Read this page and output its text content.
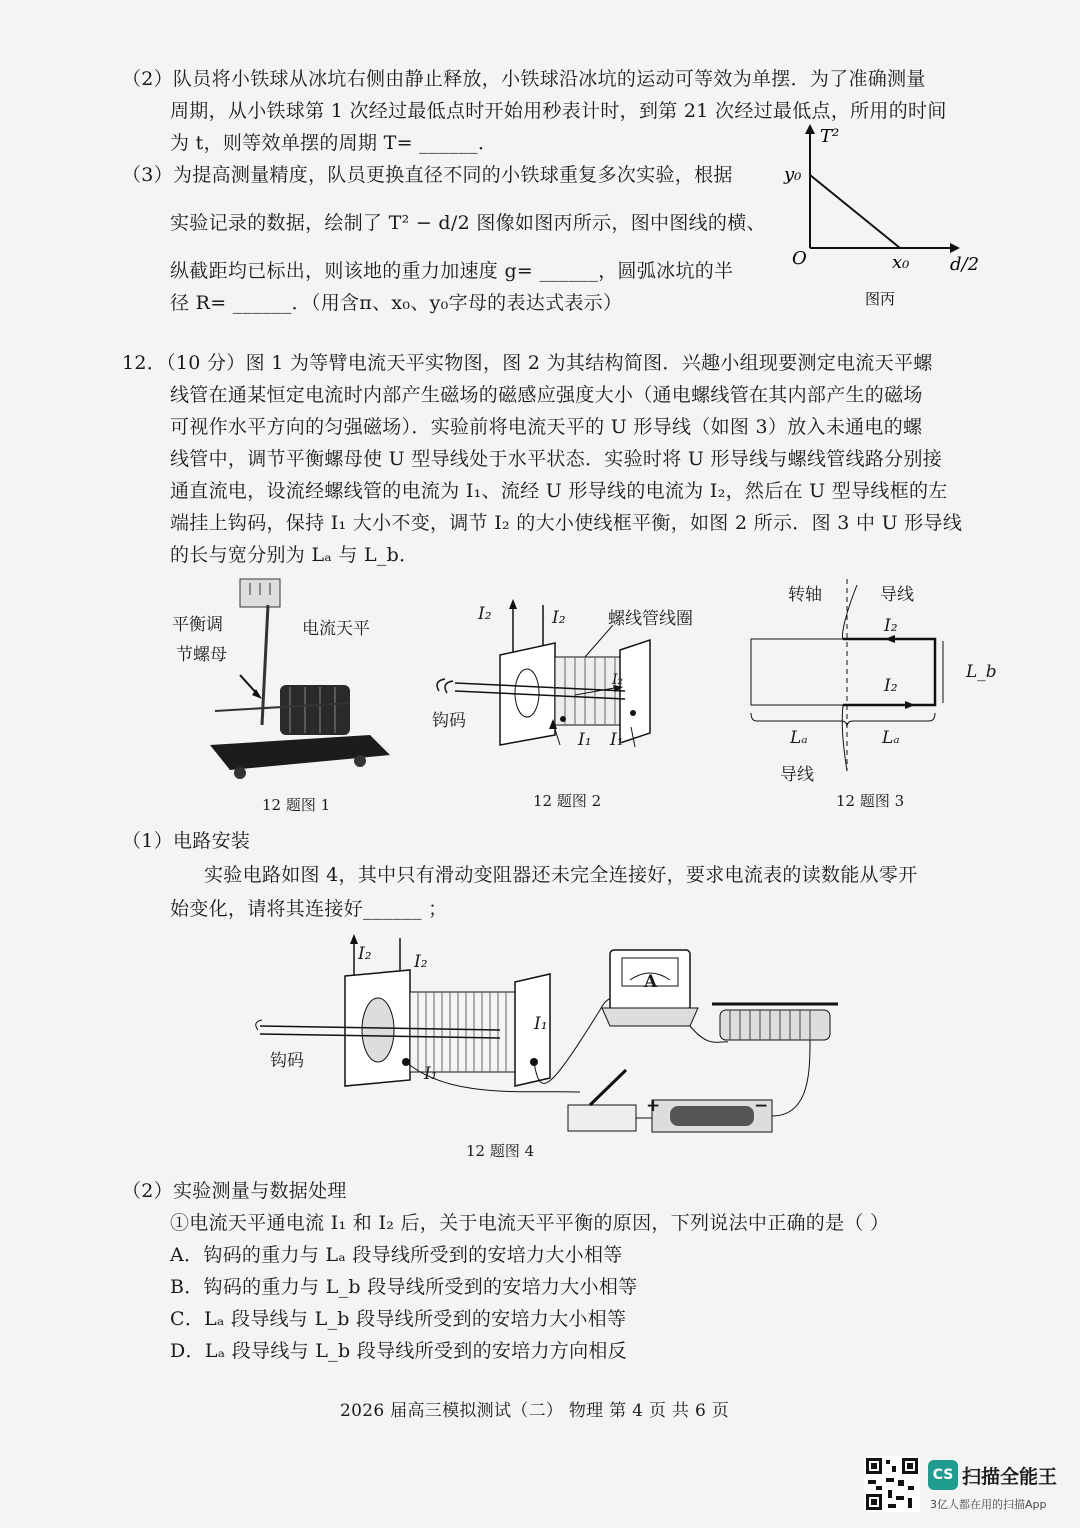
（2）队员将小铁球从冰坑右侧由静止释放，小铁球沿冰坑的运动可等效为单摆．为了准确测量
周期，从小铁球第 1 次经过最低点时开始用秒表计时，到第 21 次经过最低点，所用的时间
为 t，则等效单摆的周期 T= ______．
（3）为提高测量精度，队员更换直径不同的小铁球重复多次实验，根据
实验记录的数据，绘制了 T² − d/2 图像如图丙所示，图中图线的横、
纵截距均已标出，则该地的重力加速度 g= ______，圆弧冰坑的半
径 R= ______．（用含π、x₀、y₀字母的表达式表示）
T²
y₀
O	x₀ d/2
图丙
12．（10 分）图 1 为等臂电流天平实物图，图 2 为其结构简图．兴趣小组现要测定电流天平螺
线管在通某恒定电流时内部产生磁场的磁感应强度大小（通电螺线管在其内部产生的磁场
可视作水平方向的匀强磁场）．实验前将电流天平的 U 形导线（如图 3）放入未通电的螺
线管中，调节平衡螺母使 U 型导线处于水平状态．实验时将 U 形导线与螺线管线路分别接
通直流电，设流经螺线管的电流为 I₁、流经 U 形导线的电流为 I₂，然后在 U 型导线框的左
端挂上钩码，保持 I₁ 大小不变，调节 I₂ 的大小使线框平衡，如图 2 所示．图 3 中 U 形导线
的长与宽分别为 Lₐ 与 L_b．
平衡调
节螺母
电流天平
12 题图 1
I₂	I₂ 螺线管线圈
钩码
I₁ I₁
I₂
12 题图 2
转轴	导线
I₂
I₂
L_b
Lₐ	Lₐ
导线
12 题图 3
（1）电路安装
实验电路如图 4，其中只有滑动变阻器还未完全连接好，要求电流表的读数能从零开
始变化，请将其连接好______ ；
I₂ I₂
I₁
I₁
钩码
A
+	−
12 题图 4
（2）实验测量与数据处理
①电流天平通电流 I₁ 和 I₂ 后，关于电流天平平衡的原因，下列说法中正确的是（ ）
A．钩码的重力与 Lₐ 段导线所受到的安培力大小相等
B．钩码的重力与 L_b 段导线所受到的安培力大小相等
C．Lₐ 段导线与 L_b 段导线所受到的安培力大小相等
D．Lₐ 段导线与 L_b 段导线所受到的安培力方向相反
2026 届高三模拟测试（二） 物理 第 4 页 共 6 页
CS 扫描全能王
3亿人都在用的扫描App
